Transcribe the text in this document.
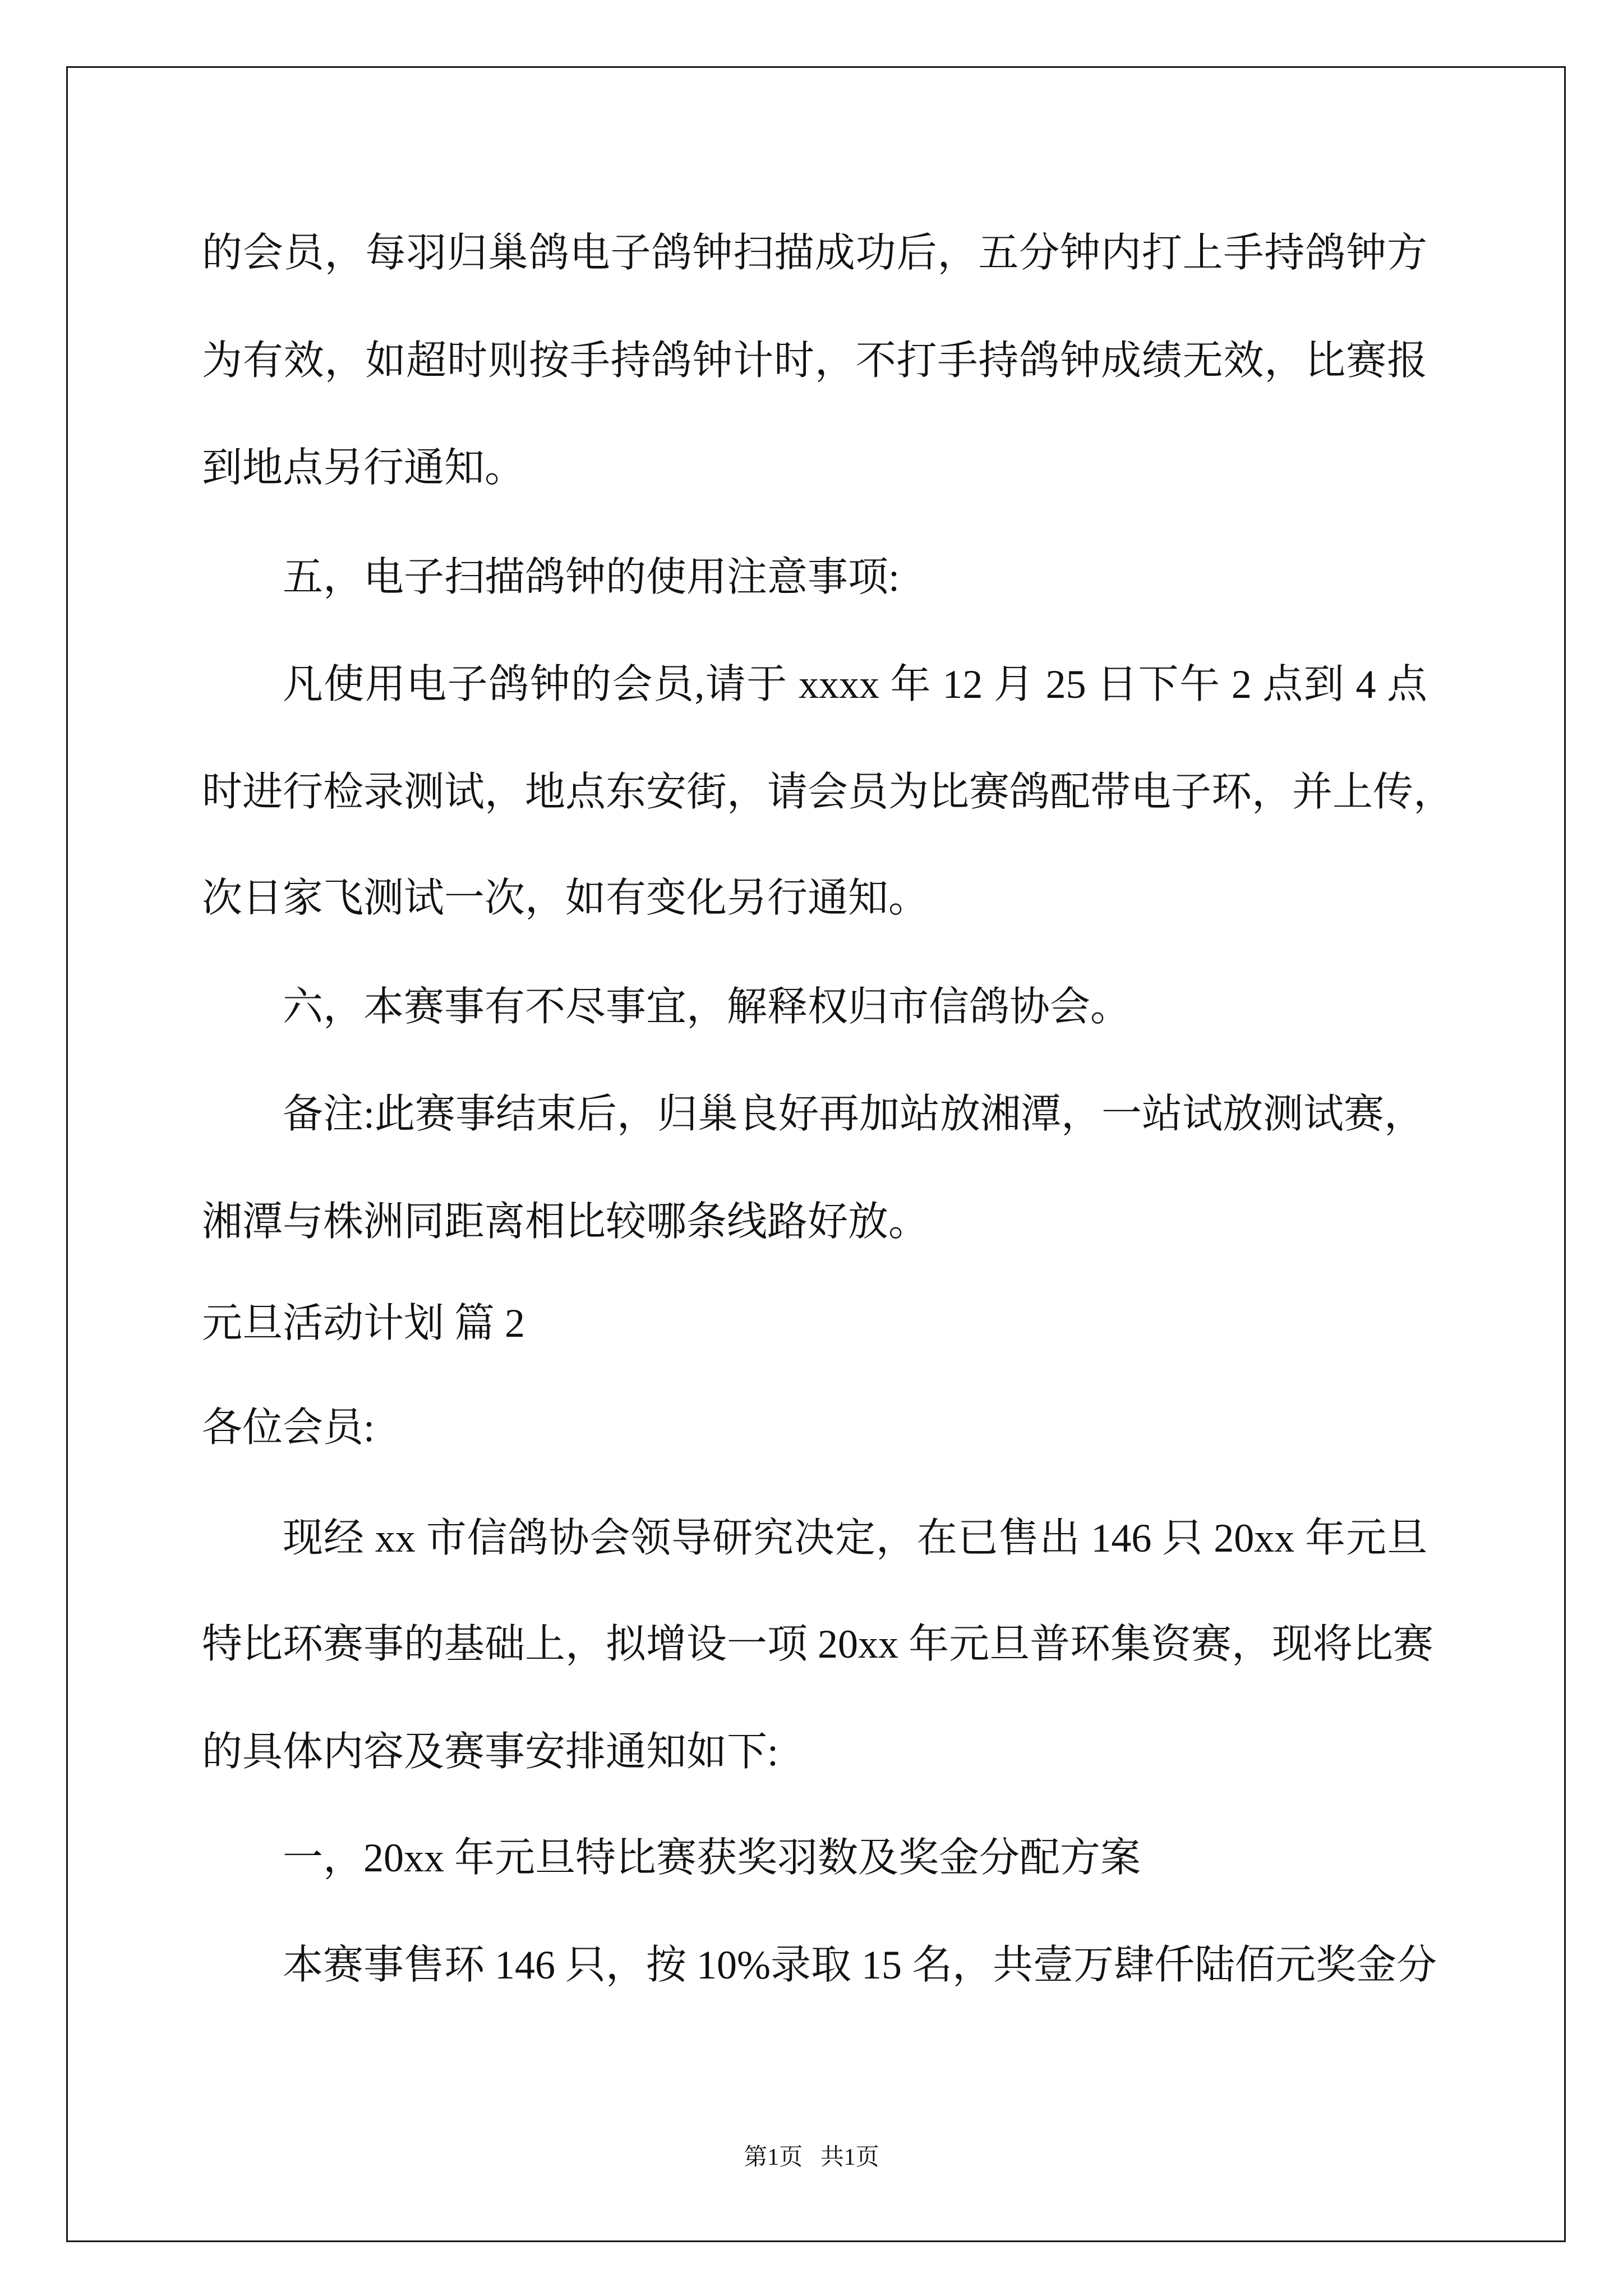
的会员，每羽归巢鸽电子鸽钟扫描成功后，五分钟内打上手持鸽钟方
为有效，如超时则按手持鸽钟计时，不打手持鸽钟成绩无效，比赛报
到地点另行通知。
五，电子扫描鸽钟的使用注意事项:
凡使用电子鸽钟的会员,请于 xxxx 年 12 月 25 日下午 2 点到 4 点
时进行检录测试，地点东安街，请会员为比赛鸽配带电子环，并上传，
次日家飞测试一次，如有变化另行通知。
六，本赛事有不尽事宜，解释权归市信鸽协会。
备注:此赛事结束后，归巢良好再加站放湘潭，一站试放测试赛，
湘潭与株洲同距离相比较哪条线路好放。
元旦活动计划 篇 2
各位会员:
现经 xx 市信鸽协会领导研究决定，在已售出 146 只 20xx 年元旦
特比环赛事的基础上，拟增设一项 20xx 年元旦普环集资赛，现将比赛
的具体内容及赛事安排通知如下:
一，20xx 年元旦特比赛获奖羽数及奖金分配方案
本赛事售环 146 只，按 10%录取 15 名，共壹万肆仟陆佰元奖金分
第1页   共1页
